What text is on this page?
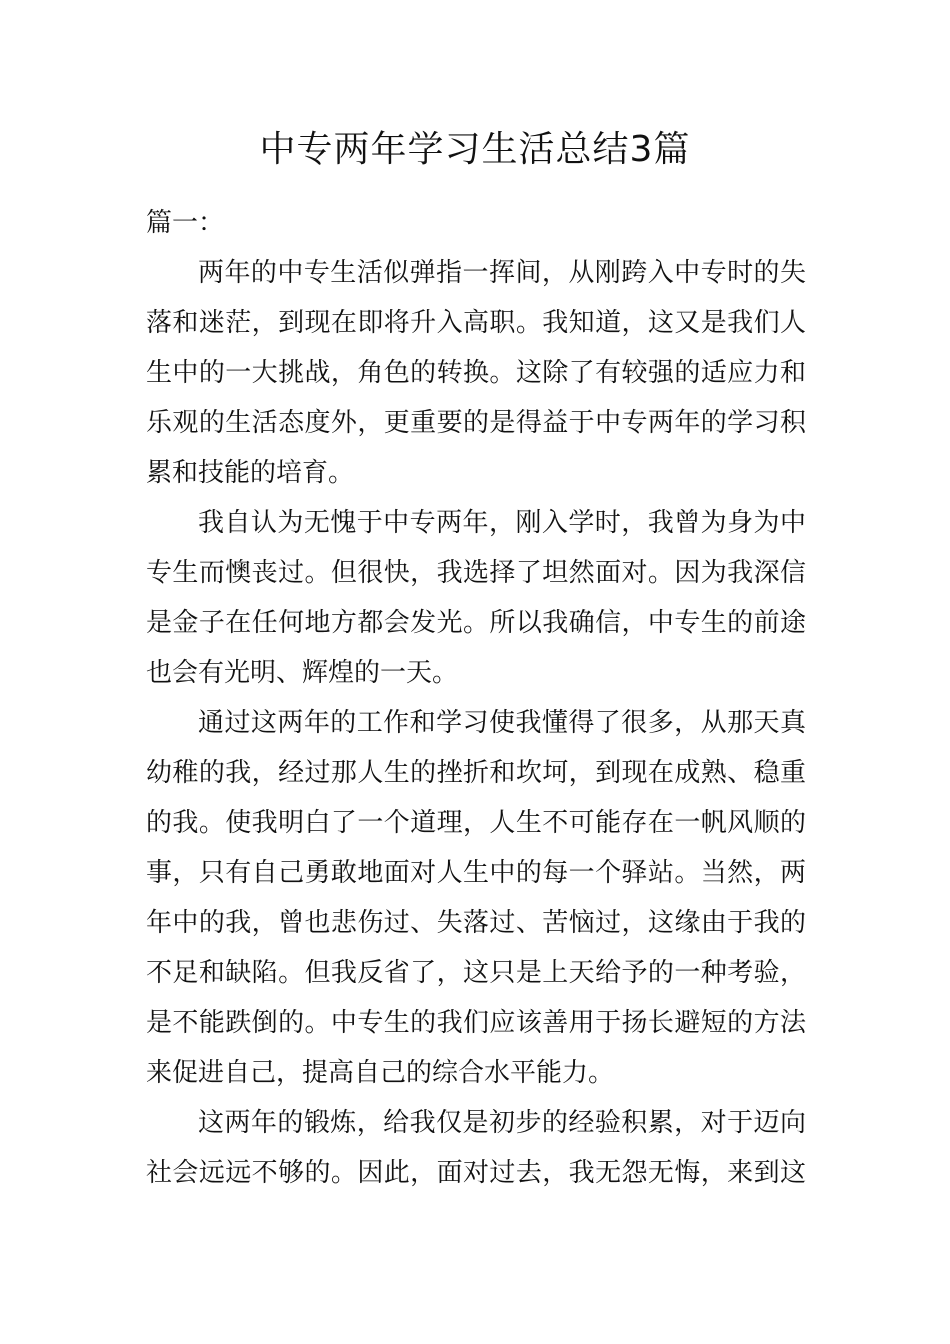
中专两年学习生活总结3篇

篇一：

两年的中专生活似弹指一挥间，从刚跨入中专时的失
落和迷茫，到现在即将升入高职。我知道，这又是我们人
生中的一大挑战，角色的转换。这除了有较强的适应力和
乐观的生活态度外，更重要的是得益于中专两年的学习积
累和技能的培育。
我自认为无愧于中专两年，刚入学时，我曾为身为中
专生而懊丧过。但很快，我选择了坦然面对。因为我深信
是金子在任何地方都会发光。所以我确信，中专生的前途
也会有光明、辉煌的一天。
通过这两年的工作和学习使我懂得了很多，从那天真
幼稚的我，经过那人生的挫折和坎坷，到现在成熟、稳重
的我。使我明白了一个道理，人生不可能存在一帆风顺的
事，只有自己勇敢地面对人生中的每一个驿站。当然，两
年中的我，曾也悲伤过、失落过、苦恼过，这缘由于我的
不足和缺陷。但我反省了，这只是上天给予的一种考验，
是不能跌倒的。中专生的我们应该善用于扬长避短的方法
来促进自己，提高自己的综合水平能力。
这两年的锻炼，给我仅是初步的经验积累，对于迈向
社会远远不够的。因此，面对过去，我无怨无悔，来到这
